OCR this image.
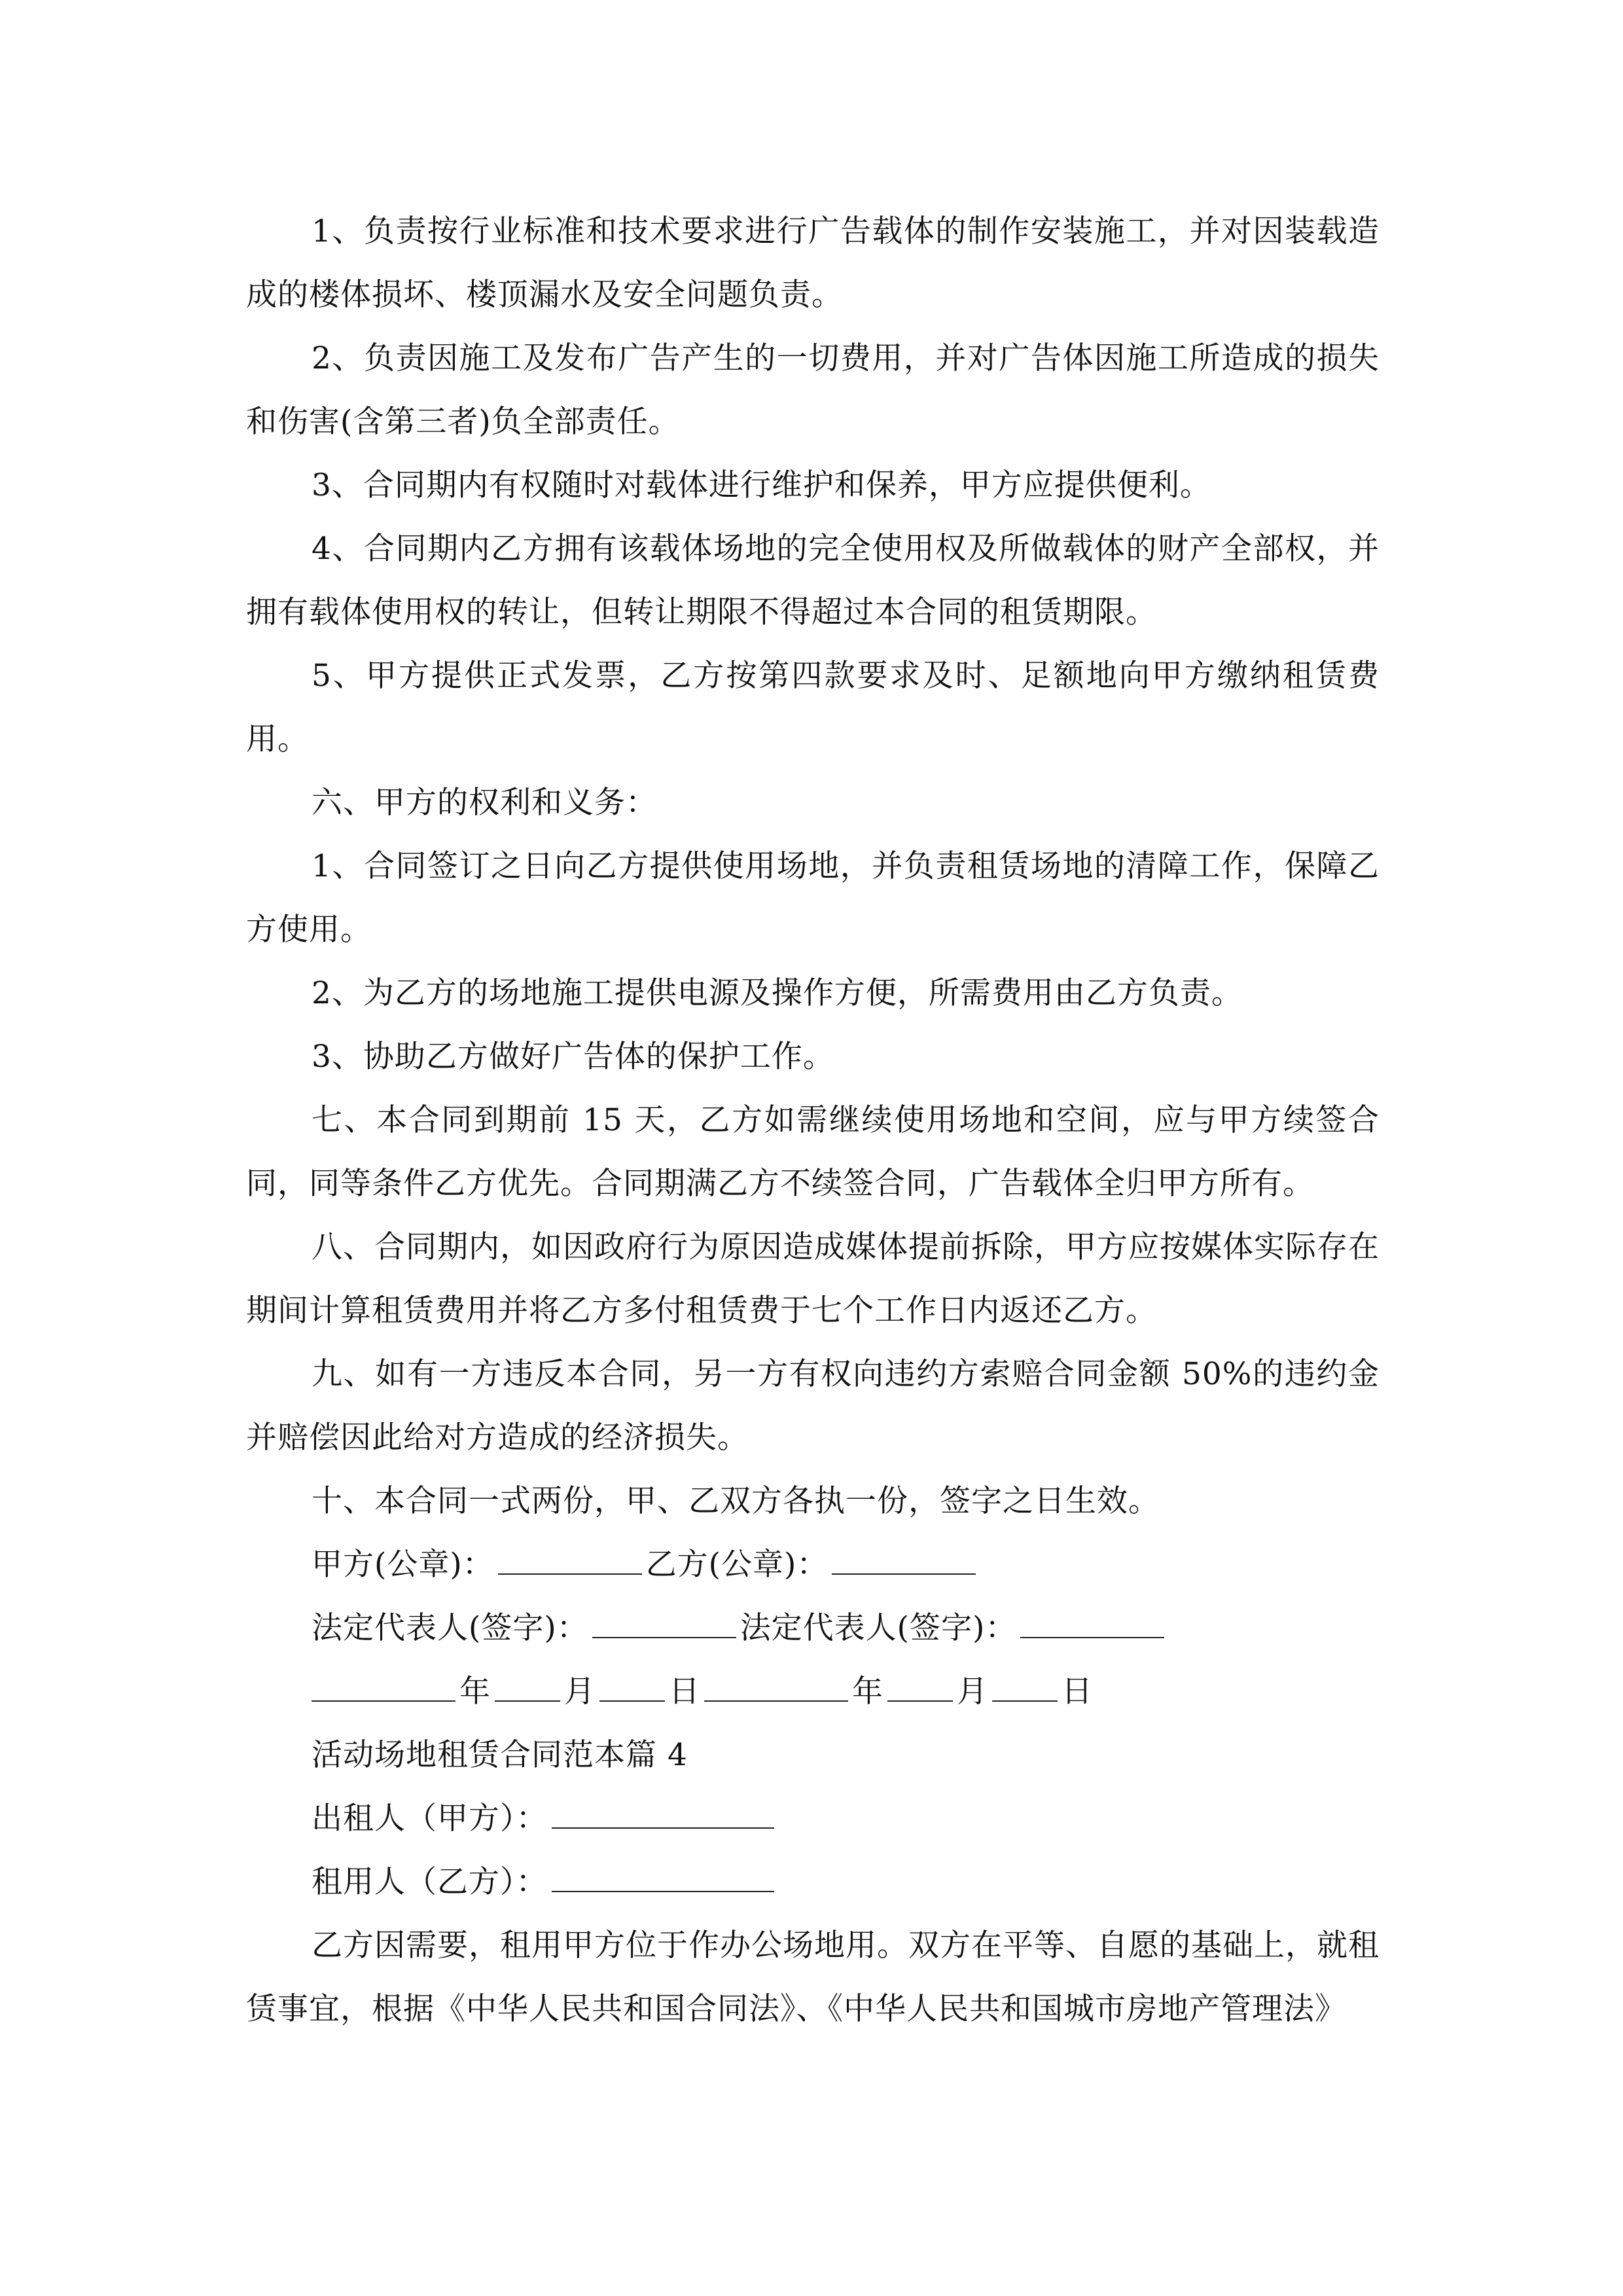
1、负责按行业标准和技术要求进行广告载体的制作安装施工，并对因装载造成的楼体损坏、楼顶漏水及安全问题负责。

2、负责因施工及发布广告产生的一切费用，并对广告体因施工所造成的损失和伤害(含第三者)负全部责任。

3、合同期内有权随时对载体进行维护和保养，甲方应提供便利。

4、合同期内乙方拥有该载体场地的完全使用权及所做载体的财产全部权，并拥有载体使用权的转让，但转让期限不得超过本合同的租赁期限。

5、甲方提供正式发票，乙方按第四款要求及时、足额地向甲方缴纳租赁费用。

六、甲方的权利和义务：

1、合同签订之日向乙方提供使用场地，并负责租赁场地的清障工作，保障乙方使用。

2、为乙方的场地施工提供电源及操作方便，所需费用由乙方负责。

3、协助乙方做好广告体的保护工作。

七、本合同到期前 15 天，乙方如需继续使用场地和空间，应与甲方续签合同，同等条件乙方优先。合同期满乙方不续签合同，广告载体全归甲方所有。

八、合同期内，如因政府行为原因造成媒体提前拆除，甲方应按媒体实际存在期间计算租赁费用并将乙方多付租赁费于七个工作日内返还乙方。

九、如有一方违反本合同，另一方有权向违约方索赔合同金额 50%的违约金并赔偿因此给对方造成的经济损失。

十、本合同一式两份，甲、乙双方各执一份，签字之日生效。

甲方(公章)：	乙方(公章)：
法定代表人(签字)：	法定代表人(签字)：
年 月 日	年 月 日
活动场地租赁合同范本篇 4
出租人（甲方）：
租用人（乙方）：

乙方因需要，租用甲方位于作办公场地用。双方在平等、自愿的基础上，就租赁事宜，根据《中华人民共和国合同法》、《中华人民共和国城市房地产管理法》
